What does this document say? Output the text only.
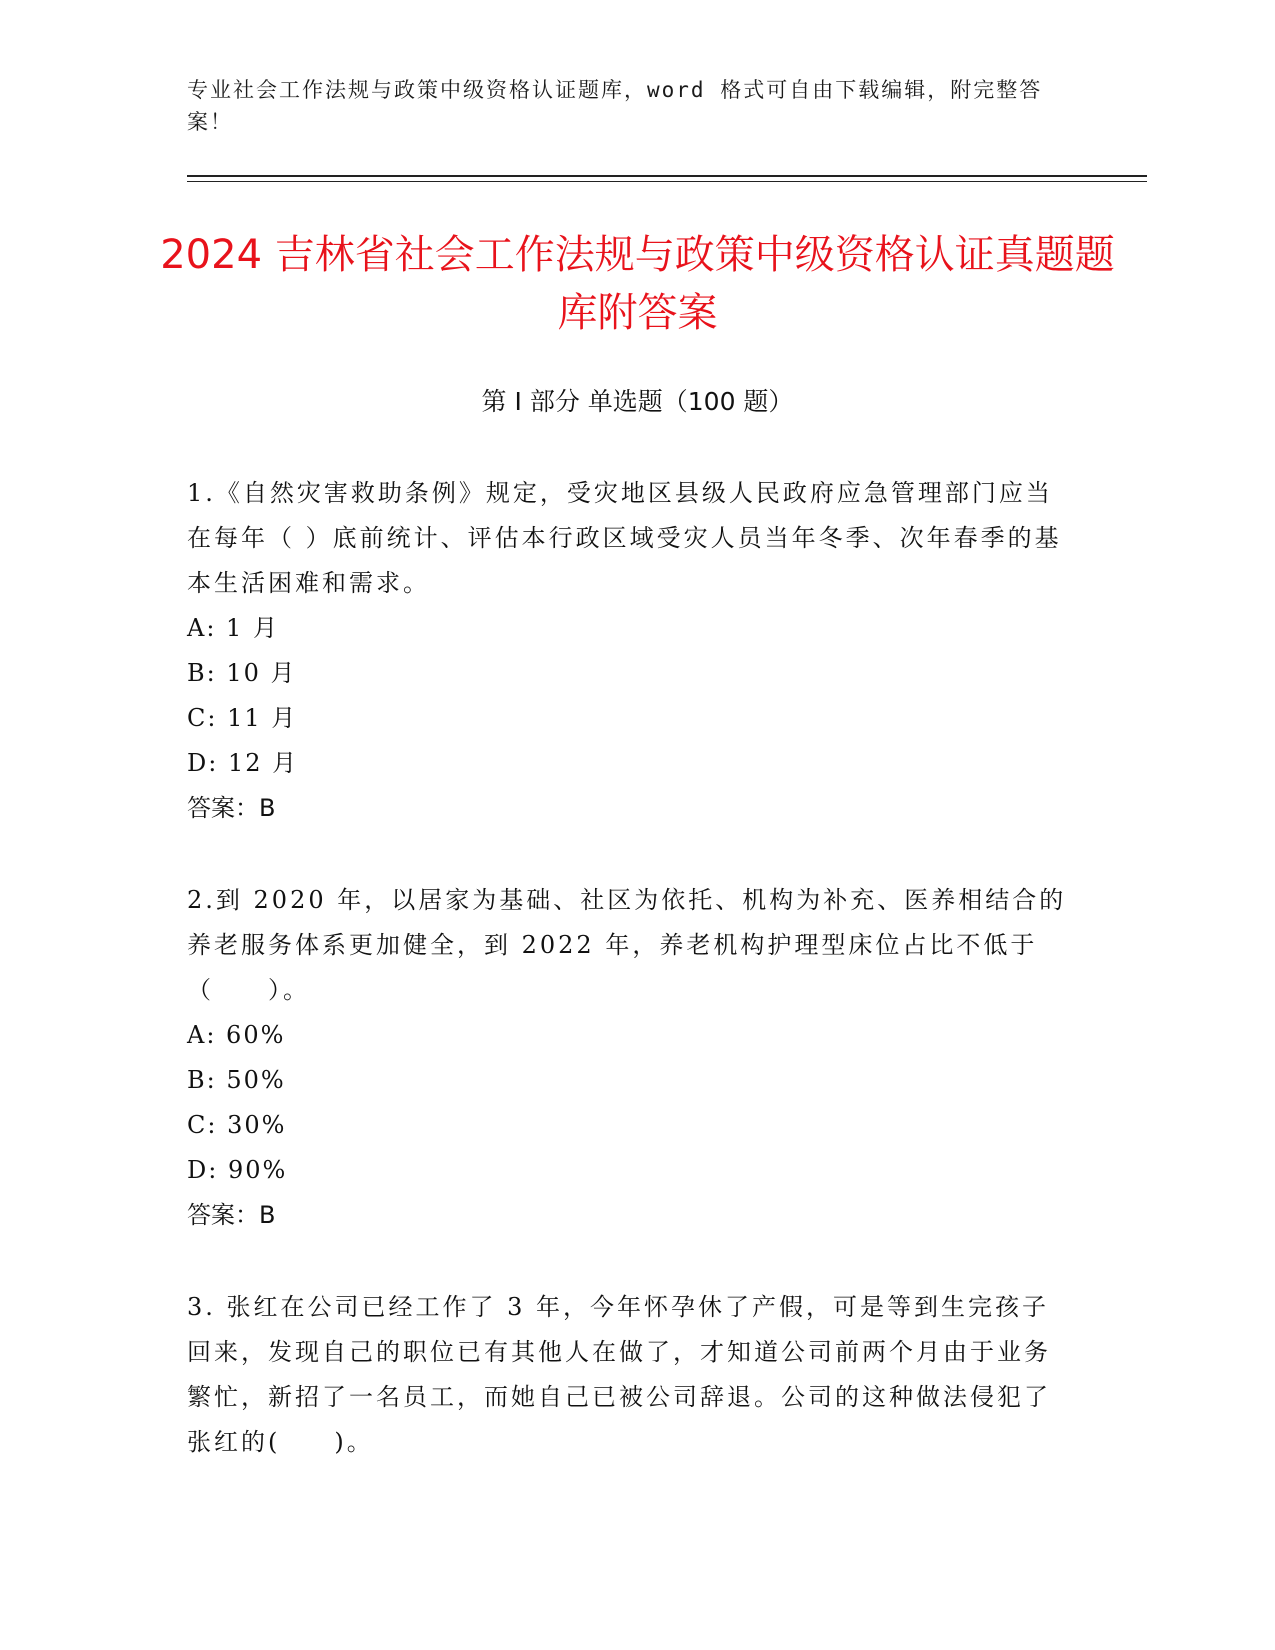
专业社会工作法规与政策中级资格认证题库，word 格式可自由下载编辑，附完整答案！
2024 吉林省社会工作法规与政策中级资格认证真题题库附答案
第 I 部分 单选题（100 题）
1.《自然灾害救助条例》规定，受灾地区县级人民政府应急管理部门应当在每年（ ）底前统计、评估本行政区域受灾人员当年冬季、次年春季的基本生活困难和需求。
A: 1 月
B: 10 月
C: 11 月
D: 12 月
答案：B
2.到 2020 年，以居家为基础、社区为依托、机构为补充、医养相结合的养老服务体系更加健全，到 2022 年，养老机构护理型床位占比不低于（　　）。
A: 60%
B: 50%
C: 30%
D: 90%
答案：B
3. 张红在公司已经工作了 3 年，今年怀孕休了产假，可是等到生完孩子回来，发现自己的职位已有其他人在做了，才知道公司前两个月由于业务繁忙，新招了一名员工，而她自己已被公司辞退。公司的这种做法侵犯了张红的(　　)。
